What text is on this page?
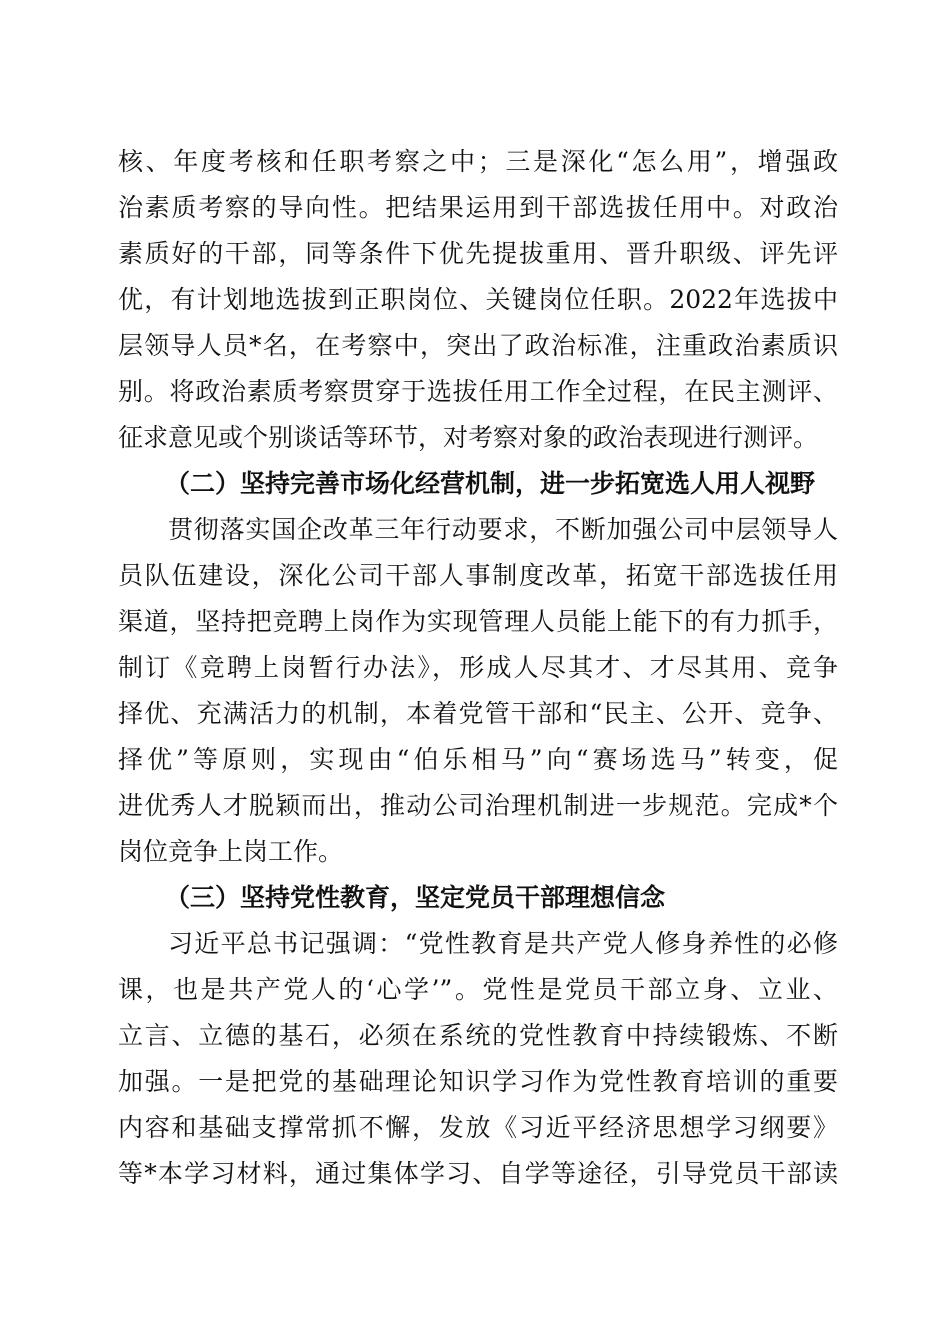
核、年度考核和任职考察之中；三是深化“怎么用”，增强政
治素质考察的导向性。把结果运用到干部选拔任用中。对政治
素质好的干部，同等条件下优先提拔重用、晋升职级、评先评
优，有计划地选拔到正职岗位、关键岗位任职。2022年选拔中
层领导人员*名，在考察中，突出了政治标准，注重政治素质识
别。将政治素质考察贯穿于选拔任用工作全过程，在民主测评、
征求意见或个别谈话等环节，对考察对象的政治表现进行测评。
（二）坚持完善市场化经营机制，进一步拓宽选人用人视野
贯彻落实国企改革三年行动要求，不断加强公司中层领导人
员队伍建设，深化公司干部人事制度改革，拓宽干部选拔任用
渠道，坚持把竞聘上岗作为实现管理人员能上能下的有力抓手，
制订《竞聘上岗暂行办法》，形成人尽其才、才尽其用、竞争
择优、充满活力的机制，本着党管干部和“民主、公开、竞争、
择优”等原则，实现由“伯乐相马”向“赛场选马”转变，促
进优秀人才脱颖而出，推动公司治理机制进一步规范。完成*个
岗位竞争上岗工作。
（三）坚持党性教育，坚定党员干部理想信念
习近平总书记强调：“党性教育是共产党人修身养性的必修
课，也是共产党人的‘心学’”。党性是党员干部立身、立业、
立言、立德的基石，必须在系统的党性教育中持续锻炼、不断
加强。一是把党的基础理论知识学习作为党性教育培训的重要
内容和基础支撑常抓不懈，发放《习近平经济思想学习纲要》
等*本学习材料，通过集体学习、自学等途径，引导党员干部读
